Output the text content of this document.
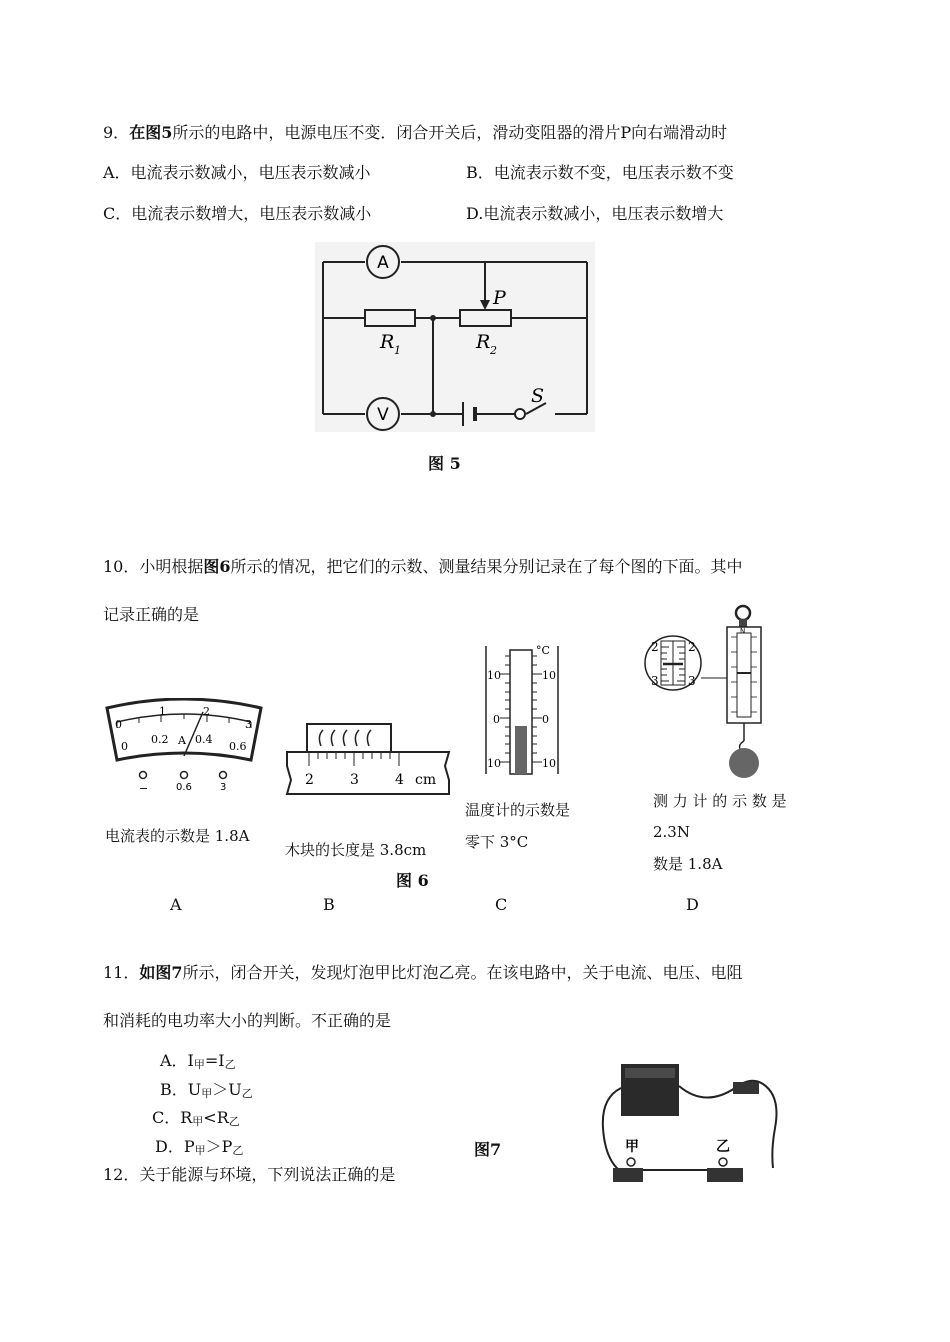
9．在图5所示的电路中，电源电压不变．闭合开关后，滑动变阻器的滑片P向右端滑动时
A．电流表示数减小，电压表示数减小	B．电流表示数不变，电压表示数不变
C．电流表示数增大，电压表示数减小	D.电流表示数减小，电压表示数增大
A
V
P
R 1	R 2
S
图 5
10．小明根据图6所示的情况，把它们的示数、测量结果分别记录在了每个图的下面。其中
记录正确的是
0
1	2
3
0
0.2 A 0.4
0.6
−	0.6	3
电流表的示数是 1.8A
2	3	4 cm
木块的长度是 3.8cm
°C
10
0
10
10
0
10
温度计的示数是
零下 3°C
N
2 2
3 3
测 力 计 的 示 数 是
2.3N
数是 1.8A
图 6
A	B	C	D
11．如图7所示，闭合开关，发现灯泡甲比灯泡乙亮。在该电路中，关于电流、电压、电阻
和消耗的电功率大小的判断。不正确的是
A．I甲=I乙
B．U甲＞U乙
C．R甲<R乙
D．P甲＞P乙	图7	甲	乙
12．关于能源与环境，下列说法正确的是
